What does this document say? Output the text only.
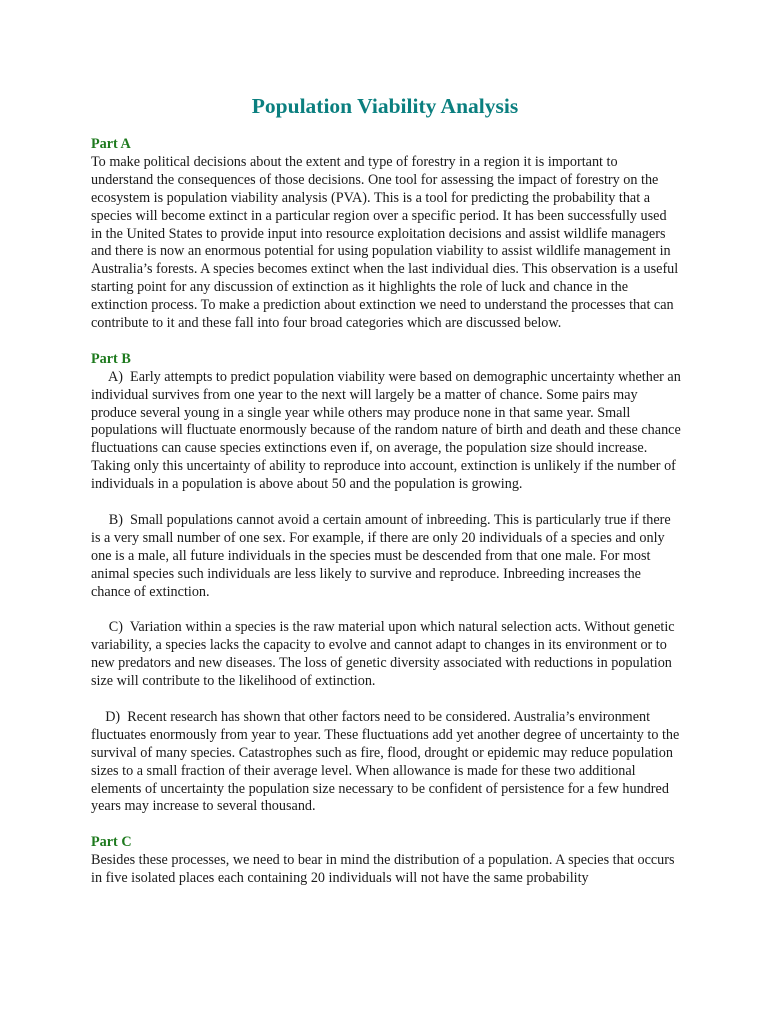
Population Viability Analysis

Part A

To make political decisions about the extent and type of forestry in a region it is important to understand the consequences of those decisions. One tool for assessing the impact of forestry on the ecosystem is population viability analysis (PVA). This is a tool for predicting the probability that a species will become extinct in a particular region over a specific period. It has been successfully used in the United States to provide input into resource exploitation decisions and assist wildlife managers and there is now an enormous potential for using population viability to assist wildlife management in Australia’s forests. A species becomes extinct when the last individual dies. This observation is a useful starting point for any discussion of extinction as it highlights the role of luck and chance in the extinction process. To make a prediction about extinction we need to understand the processes that can contribute to it and these fall into four broad categories which are discussed below.

Part B

A) Early attempts to predict population viability were based on demographic uncertainty whether an individual survives from one year to the next will largely be a matter of chance. Some pairs may produce several young in a single year while others may produce none in that same year. Small populations will fluctuate enormously because of the random nature of birth and death and these chance fluctuations can cause species extinctions even if, on average, the population size should increase. Taking only this uncertainty of ability to reproduce into account, extinction is unlikely if the number of individuals in a population is above about 50 and the population is growing.

B) Small populations cannot avoid a certain amount of inbreeding. This is particularly true if there is a very small number of one sex. For example, if there are only 20 individuals of a species and only one is a male, all future individuals in the species must be descended from that one male. For most animal species such individuals are less likely to survive and reproduce. Inbreeding increases the chance of extinction.

C) Variation within a species is the raw material upon which natural selection acts. Without genetic variability, a species lacks the capacity to evolve and cannot adapt to changes in its environment or to new predators and new diseases. The loss of genetic diversity associated with reductions in population size will contribute to the likelihood of extinction.

D) Recent research has shown that other factors need to be considered. Australia’s environment fluctuates enormously from year to year. These fluctuations add yet another degree of uncertainty to the survival of many species. Catastrophes such as fire, flood, drought or epidemic may reduce population sizes to a small fraction of their average level. When allowance is made for these two additional elements of uncertainty the population size necessary to be confident of persistence for a few hundred years may increase to several thousand.

Part C

Besides these processes, we need to bear in mind the distribution of a population. A species that occurs in five isolated places each containing 20 individuals will not have the same probability
